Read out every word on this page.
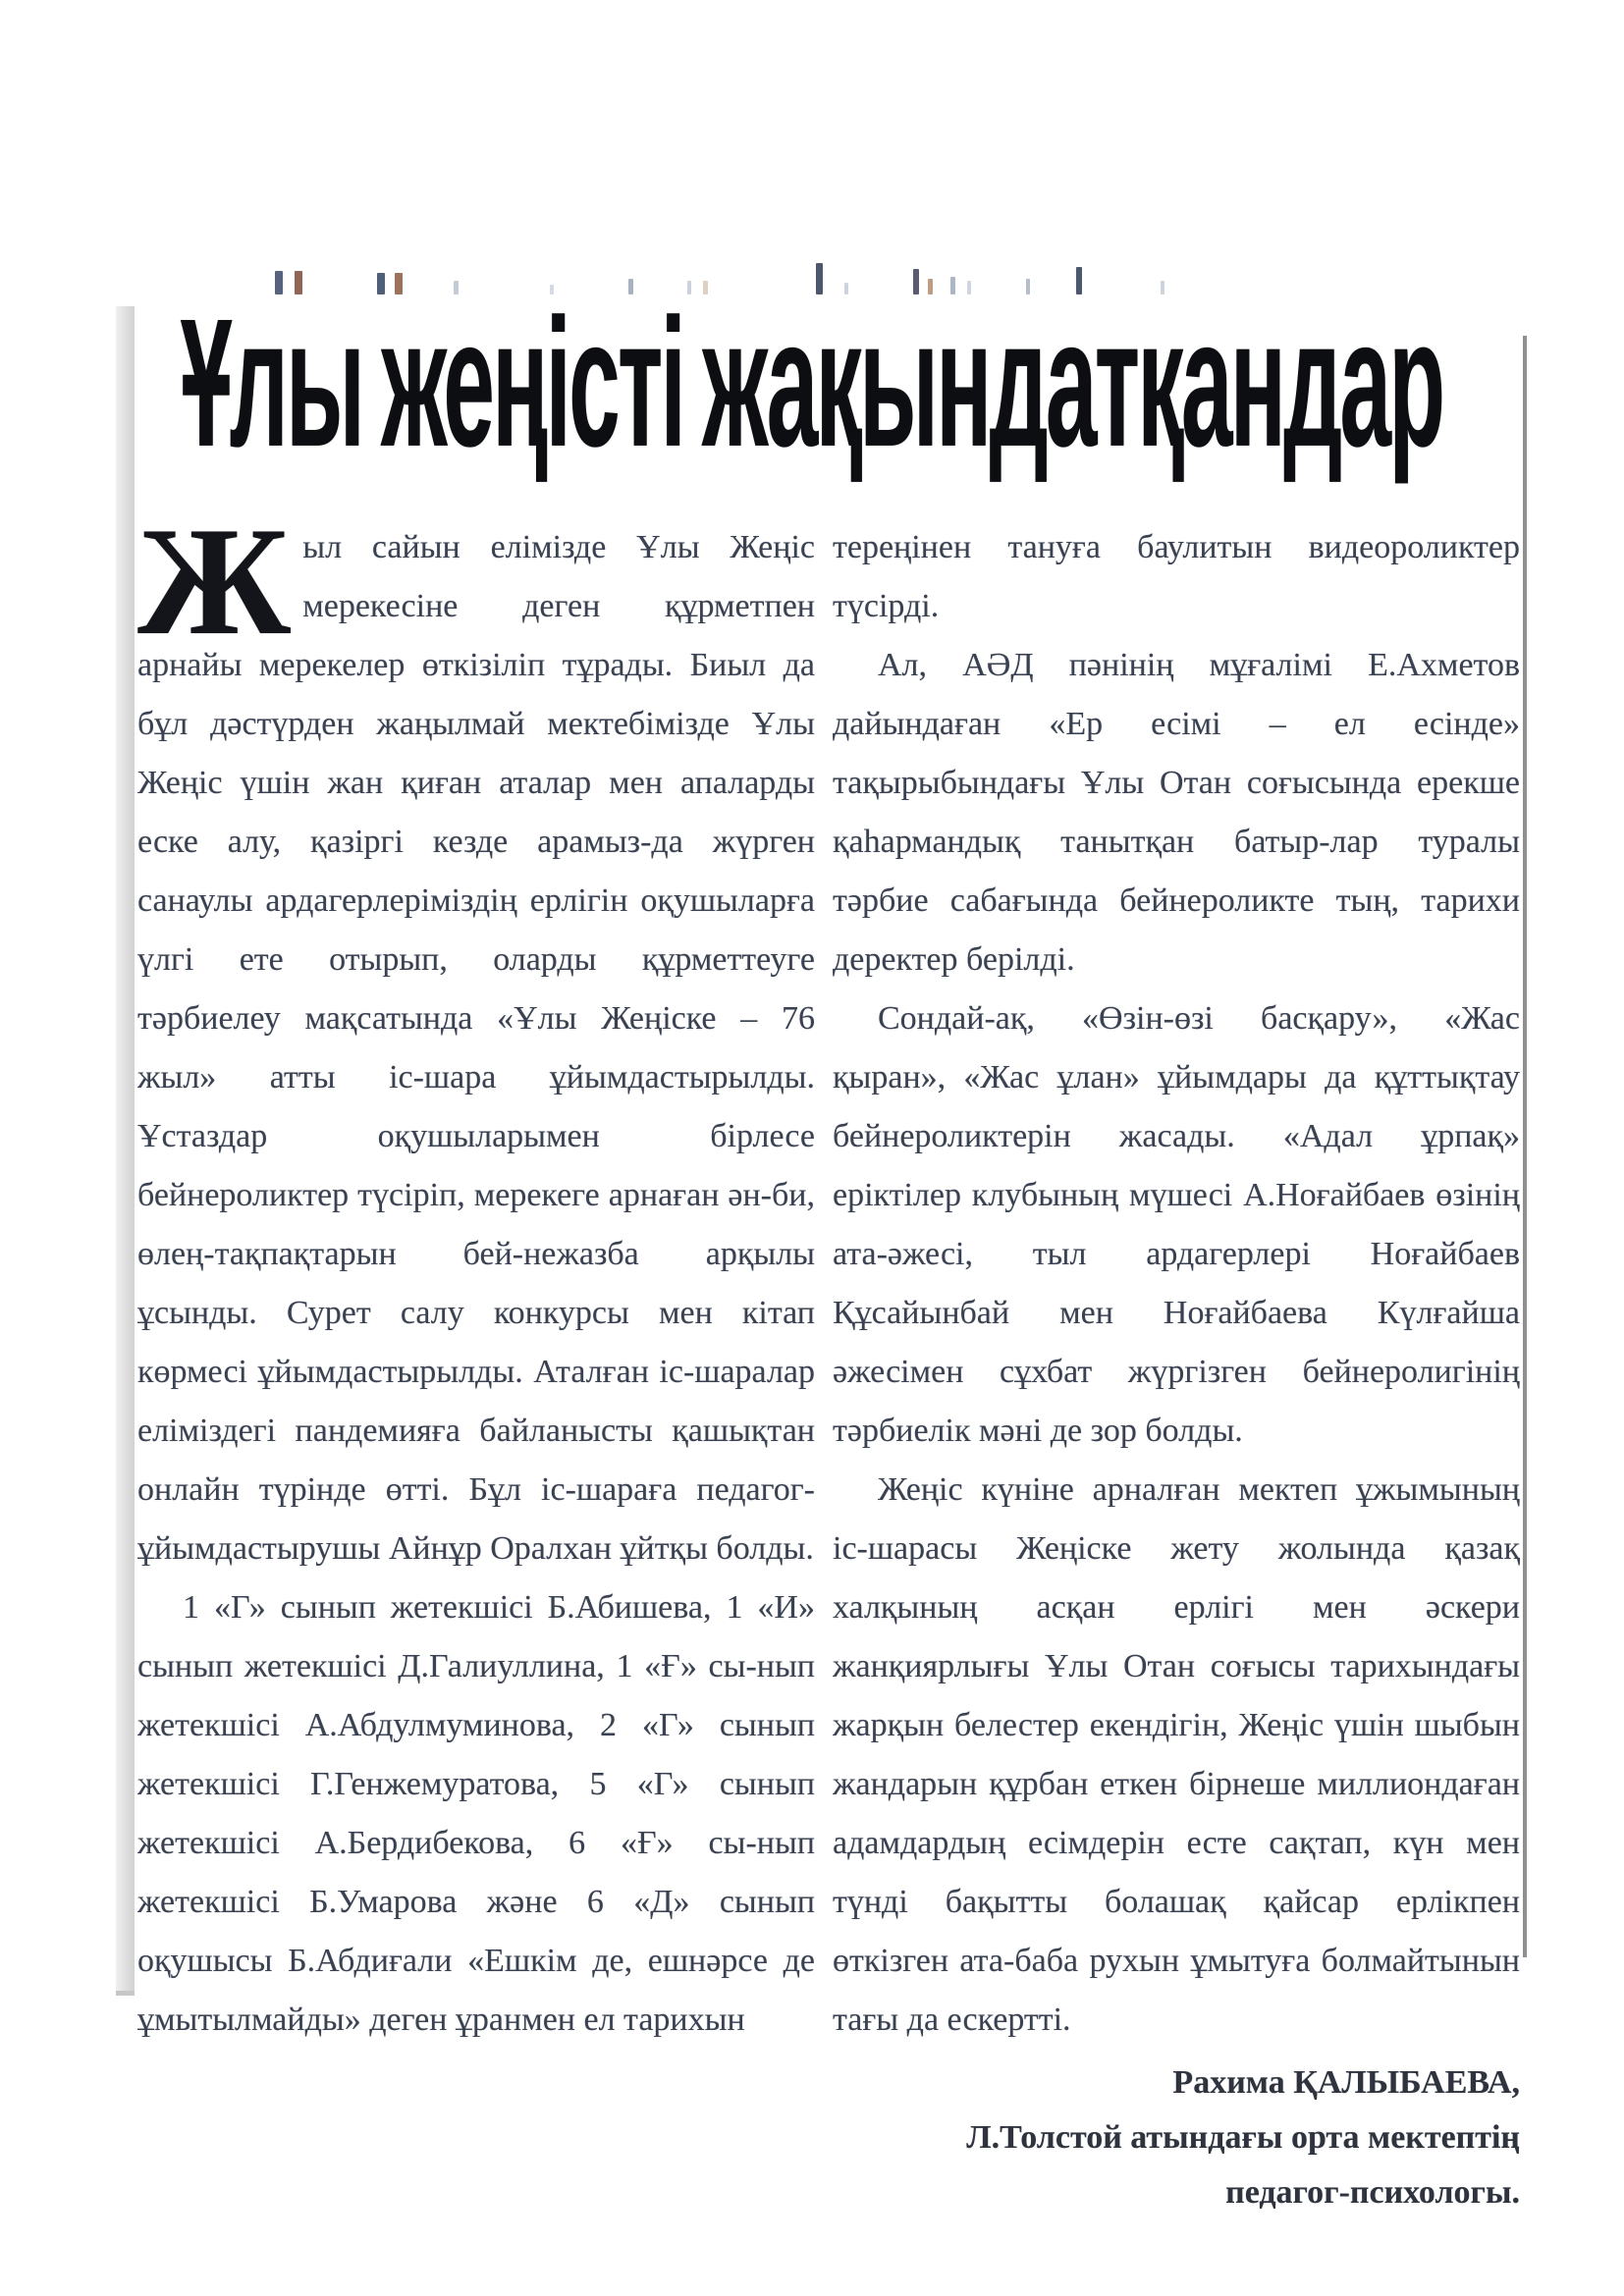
Ұлы жеңісті жақындатқандар

Жыл сайын елімізде Ұлы Жеңіс мерекесіне деген құрметпен арнайы мерекелер өткізіліп тұрады. Биыл да бұл дәстүрден жаңылмай мектебімізде Ұлы Жеңіс үшін жан қиған аталар мен апаларды еске алу, қазіргі кезде арамыз-да жүрген санаулы ардагерлеріміздің ерлігін оқушыларға үлгі ете отырып, оларды құрметтеуге тәрбиелеу мақсатында «Ұлы Жеңіске – 76 жыл» атты іс-шара ұйымдастырылды. Ұстаздар оқушыларымен бірлесе бейнероликтер түсіріп, мерекеге арнаған ән-би, өлең-тақпақтарын бей-нежазба арқылы ұсынды. Сурет салу конкурсы мен кітап көрмесі ұйымдастырылды. Аталған іс-шаралар еліміздегі пандемияға байланысты қашықтан онлайн түрінде өтті. Бұл іс-шараға педагог-ұйымдастырушы Айнұр Оралхан ұйтқы болды.

1 «Г» сынып жетекшісі Б.Абишева, 1 «И» сынып жетекшісі Д.Галиуллина, 1 «Ғ» сы-нып жетекшісі А.Абдулмуминова, 2 «Г» сынып жетекшісі Г.Генжемуратова, 5 «Г» сынып жетекшісі А.Бердибекова, 6 «Ғ» сы-нып жетекшісі Б.Умарова және 6 «Д» сынып оқушысы Б.Абдиғали «Ешкім де, ешнәрсе де ұмытылмайды» деген ұранмен ел тарихын

тереңінен тануға баулитын видеороликтер түсірді.

Ал, АӘД пәнінің мұғалімі Е.Ахметов дайындаған «Ер есімі – ел есінде» тақырыбындағы Ұлы Отан соғысында ерекше қаһармандық танытқан батыр-лар туралы тәрбие сабағында бейнероликте тың, тарихи деректер берілді.

Сондай-ақ, «Өзін-өзі басқару», «Жас қыран», «Жас ұлан» ұйымдары да құттықтау бейнероликтерін жасады. «Адал ұрпақ» еріктілер клубының мүшесі А.Ноғайбаев өзінің ата-әжесі, тыл ардагерлері Ноғайбаев Құсайынбай мен Ноғайбаева Күлғайша әжесімен сұхбат жүргізген бейнеролигінің тәрбиелік мәні де зор болды.

Жеңіс күніне арналған мектеп ұжымының іс-шарасы Жеңіске жету жолында қазақ халқының асқан ерлігі мен әскери жанқиярлығы Ұлы Отан соғысы тарихындағы жарқын белестер екендігін, Жеңіс үшін шыбын жандарын құрбан еткен бірнеше миллиондаған адамдардың есімдерін есте сақтап, күн мен түнді бақытты болашақ қайсар ерлікпен өткізген ата-баба рухын ұмытуға болмайтынын тағы да ескертті.

Рахима ҚАЛЫБАЕВА,
Л.Толстой атындағы орта мектептің
педагог-психологы.
